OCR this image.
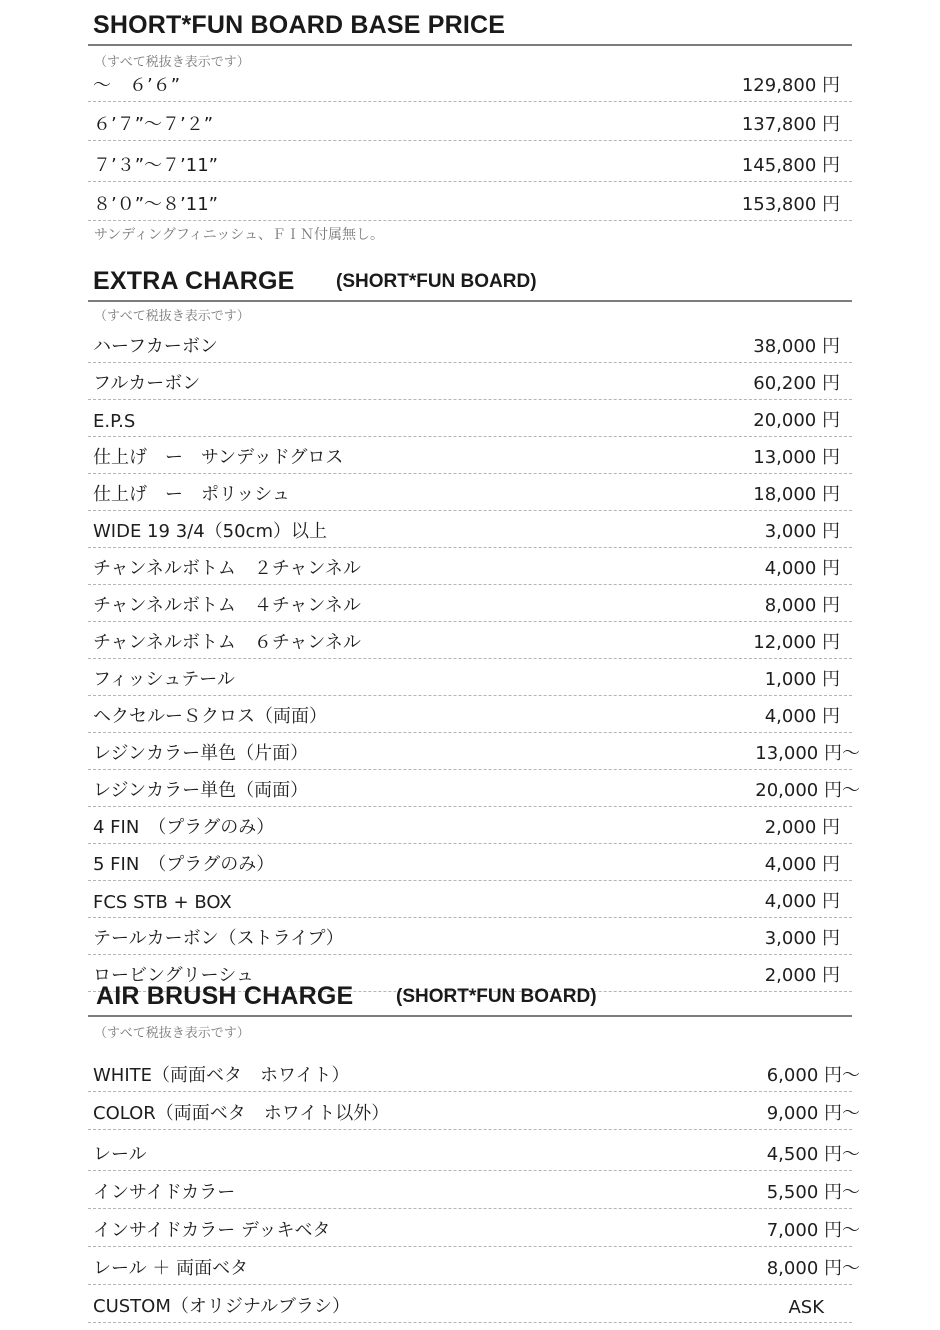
SHORT*FUN BOARD BASE PRICE
（すべて税抜き表示です）
～　６’６”	129,800 円
６’７”～７’２”	137,800 円
７’３”～７’11”	145,800 円
８’０”～８’11”	153,800 円
サンディングフィニッシュ、ＦＩＮ付属無し。
EXTRA CHARGE (SHORT*FUN BOARD)
（すべて税抜き表示です）
ハーフカーボン	38,000 円
フルカーボン	60,200 円
E.P.S	20,000 円
仕上げ　ー　サンデッドグロス	13,000 円
仕上げ　ー　ポリッシュ	18,000 円
WIDE 19 3/4（50cm）以上	3,000 円
チャンネルボトム　２チャンネル	4,000 円
チャンネルボトム　４チャンネル	8,000 円
チャンネルボトム　６チャンネル	12,000 円
フィッシュテール	1,000 円
ヘクセルーＳクロス（両面）	4,000 円
レジンカラー単色（片面）	13,000 円～
レジンカラー単色（両面）	20,000 円～
4 FIN　（プラグのみ）	2,000 円
5 FIN　（プラグのみ）	4,000 円
FCS STB + BOX	4,000 円
テールカーボン（ストライプ）	3,000 円
ロービングリーシュ	2,000 円
AIR BRUSH CHARGE (SHORT*FUN BOARD)
（すべて税抜き表示です）
WHITE（両面ベタ　ホワイト）	6,000 円～
COLOR（両面ベタ　ホワイト以外）	9,000 円～
レール	4,500 円～
インサイドカラー	5,500 円～
インサイドカラー デッキベタ	7,000 円～
レール ＋ 両面ベタ	8,000 円～
CUSTOM（オリジナルブラシ）	ASK
